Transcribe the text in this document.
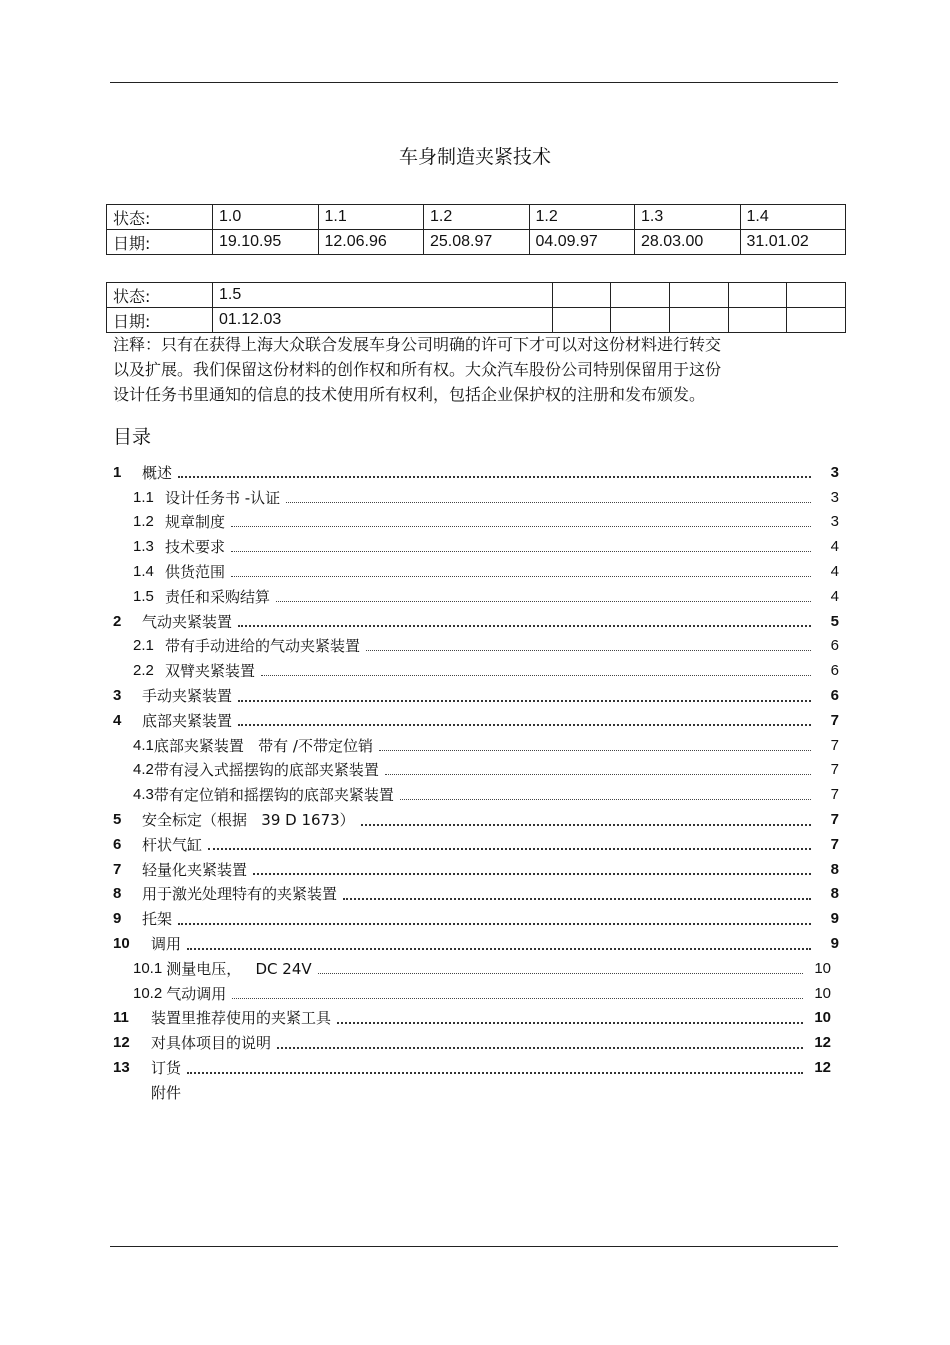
车身制造夹紧技术
状态:	1.0	1.1	1.2	1.2	1.3	1.4
日期:	19.10.95	12.06.96	25.08.97	04.09.97	28.03.00	31.01.02
状态:	1.5					
日期:	01.12.03					
注释：只有在获得上海大众联合发展车身公司明确的许可下才可以对这份材料进行转交
以及扩展。我们保留这份材料的创作权和所有权。大众汽车股份公司特别保留用于这份
设计任务书里通知的信息的技术使用所有权利，包括企业保护权的注册和发布颁发。
目录
1	概述	3
1.1 设计任务书 -认证	3
1.2 规章制度	3
1.3 技术要求	4
1.4 供货范围	4
1.5 责任和采购结算	4
2	气动夹紧装置	5
2.1 带有手动进给的气动夹紧装置	6
2.2 双臂夹紧装置	6
3	手动夹紧装置	6
4	底部夹紧装置	7
4.1 底部夹紧装置   带有 /不带定位销	7
4.2 带有浸入式摇摆钩的底部夹紧装置	7
4.3 带有定位销和摇摆钩的底部夹紧装置	7
5	安全标定（根据   39 D 1673）	7
6	杆状气缸	7
7	轻量化夹紧装置	8
8	用于激光处理特有的夹紧装置	8
9	托架	9
10	调用	9
10.1 测量电压，   DC 24V	10
10.2 气动调用	10
11	装置里推荐使用的夹紧工具	10
12	对具体项目的说明	12
13	订货	12
附件
